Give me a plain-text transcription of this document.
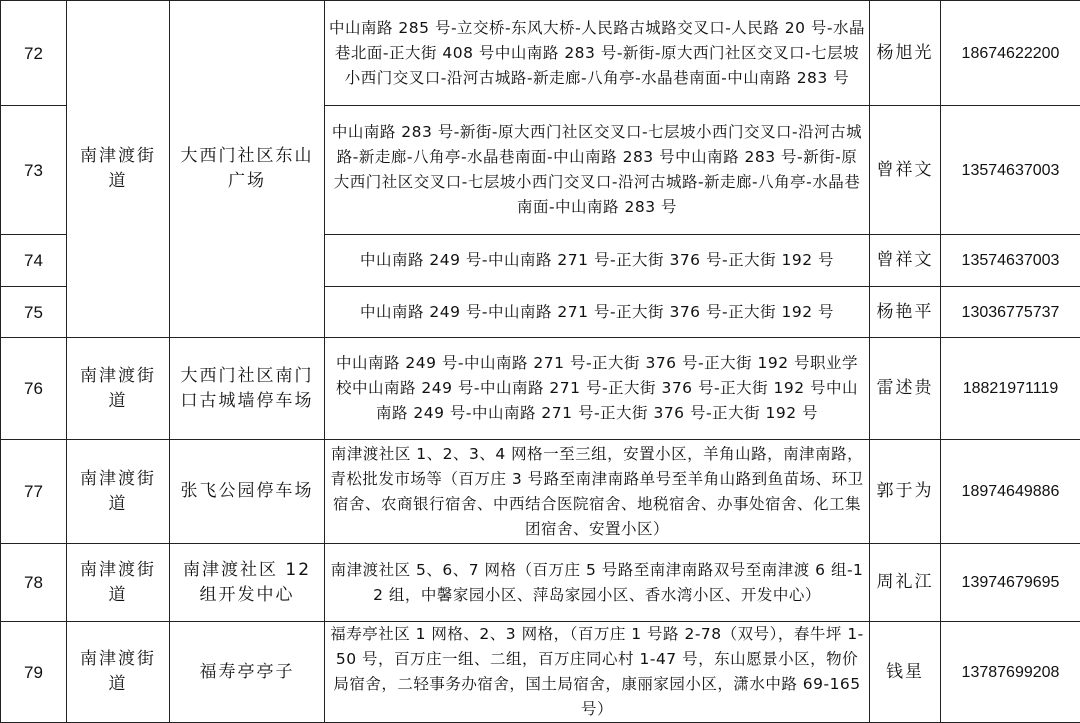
72	南津渡街道	大西门社区东山广场	中山南路 285 号-立交桥-东风大桥-人民路古城路交叉口-人民路 20 号-水晶巷北面-正大街 408 号中山南路 283 号-新街-原大西门社区交叉口-七层坡小西门交叉口-沿河古城路-新走廊-八角亭-水晶巷南面-中山南路 283 号	杨旭光	18674622200
73			中山南路 283 号-新街-原大西门社区交叉口-七层坡小西门交叉口-沿河古城路-新走廊-八角亭-水晶巷南面-中山南路 283 号中山南路 283 号-新街-原大西门社区交叉口-七层坡小西门交叉口-沿河古城路-新走廊-八角亭-水晶巷南面-中山南路 283 号	曾祥文	13574637003
74			中山南路 249 号-中山南路 271 号-正大街 376 号-正大街 192 号	曾祥文	13574637003
75			中山南路 249 号-中山南路 271 号-正大街 376 号-正大街 192 号	杨艳平	13036775737
76	南津渡街道	大西门社区南门口古城墙停车场	中山南路 249 号-中山南路 271 号-正大街 376 号-正大街 192 号职业学校中山南路 249 号-中山南路 271 号-正大街 376 号-正大街 192 号中山南路 249 号-中山南路 271 号-正大街 376 号-正大街 192 号	雷述贵	18821971119
77	南津渡街道	张飞公园停车场	南津渡社区 1、2、3、4 网格一至三组，安置小区，羊角山路，南津南路，青松批发市场等（百万庄 3 号路至南津南路单号至羊角山路到鱼苗场、环卫宿舍、农商银行宿舍、中西结合医院宿舍、地税宿舍、办事处宿舍、化工集团宿舍、安置小区）	郭于为	18974649886
78	南津渡街道	南津渡社区 12 组开发中心	南津渡社区 5、6、7 网格（百万庄 5 号路至南津南路双号至南津渡 6 组-12 组，中馨家园小区、萍岛家园小区、香水湾小区、开发中心）	周礼江	13974679695
79	南津渡街道	福寿亭亭子	福寿亭社区 1 网格、2、3 网格，（百万庄 1 号路 2-78（双号），春牛坪 1-50 号，百万庄一组、二组，百万庄同心村 1-47 号，东山愿景小区，物价局宿舍，二轻事务办宿舍，国土局宿舍，康丽家园小区，潇水中路 69-165 号）	钱星	13787699208
